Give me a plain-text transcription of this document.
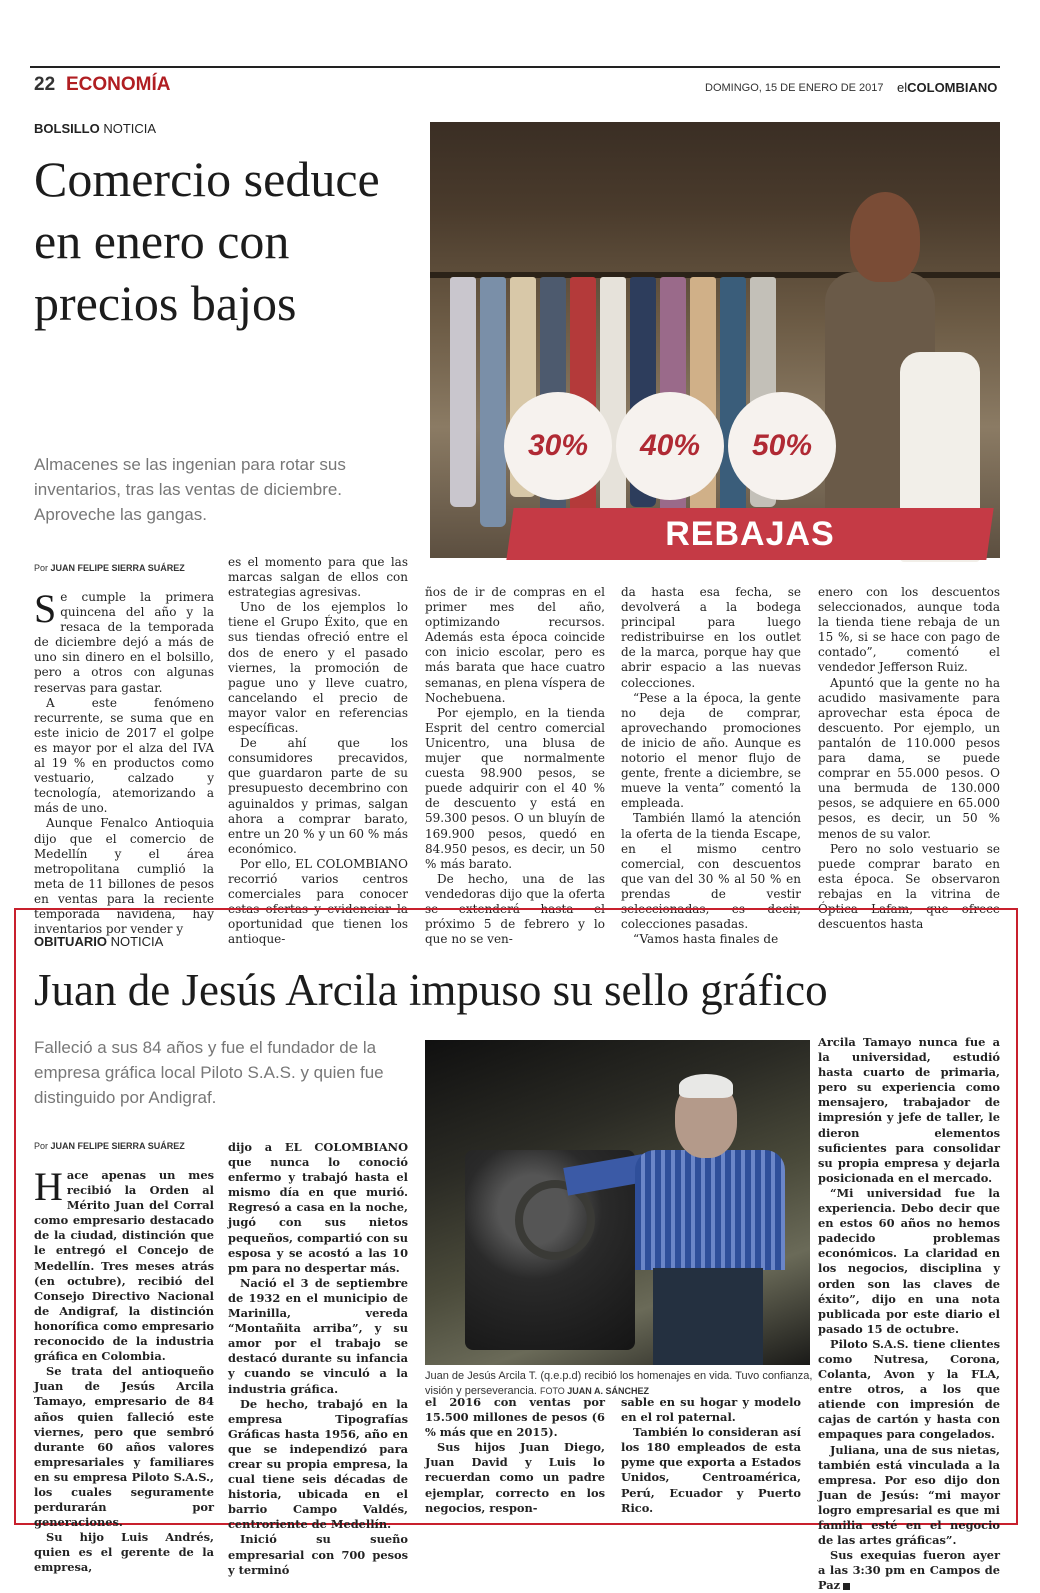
22 ECONOMÍA	DOMINGO, 15 DE ENERO DE 2017 elCOLOMBIANO
BOLSILLO NOTICIA
Comercio seduce en enero con precios bajos
Almacenes se las ingenian para rotar sus inventarios, tras las ventas de diciembre. Aproveche las gangas.
30%	40%	50%
REBAJAS
en productos seleccionados del 1 de enero al 5 de febrero de 2017
Por JUAN FELIPE SIERRA SUÁREZ

Se cumple la primera quincena del año y la resaca de la temporada de diciembre dejó a más de uno sin dinero en el bolsillo, pero a otros con algunas reservas para gastar.

A este fenómeno recurrente, se suma que en este inicio de 2017 el golpe es mayor por el alza del IVA al 19 % en productos como vestuario, calzado y tecnología, atemorizando a más de uno.

Aunque Fenalco Antioquia dijo que el comercio de Medellín y el área metropolitana cumplió la meta de 11 billones de pesos en ventas para la reciente temporada navideña, hay inventarios por vender y

es el momento para que las marcas salgan de ellos con estrategias agresivas.

Uno de los ejemplos lo tiene el Grupo Éxito, que en sus tiendas ofreció entre el dos de enero y el pasado viernes, la promoción de pague uno y lleve cuatro, cancelando el precio de mayor valor en referencias específicas.

De ahí que los consumidores precavidos, que guardaron parte de su presupuesto decembrino con aguinaldos y primas, salgan ahora a comprar barato, entre un 20 % y un 60 % más económico.

Por ello, EL COLOMBIANO recorrió varios centros comerciales para conocer estas ofertas y evidenciar la oportunidad que tienen los antioque-

ños de ir de compras en el primer mes del año, optimizando recursos. Además esta época coincide con inicio escolar, pero es más barata que hace cuatro semanas, en plena víspera de Nochebuena.

Por ejemplo, en la tienda Esprit del centro comercial Unicentro, una blusa de mujer que normalmente cuesta 98.900 pesos, se puede adquirir con el 40 % de descuento y está en 59.300 pesos. O un bluyín de 169.900 pesos, quedó en 84.950 pesos, es decir, un 50 % más barato.

De hecho, una de las vendedoras dijo que la oferta se extenderá hasta el próximo 5 de febrero y lo que no se ven-

da hasta esa fecha, se devolverá a la bodega principal para luego redistribuirse en los outlet de la marca, porque hay que abrir espacio a las nuevas colecciones.

“Pese a la época, la gente no deja de comprar, aprovechando promociones de inicio de año. Aunque es notorio el menor flujo de gente, frente a diciembre, se mueve la venta” comentó la empleada.

También llamó la atención la oferta de la tienda Escape, en el mismo centro comercial, con descuentos que van del 30 % al 50 % en prendas de vestir seleccionadas, es decir, colecciones pasadas.

“Vamos hasta finales de

enero con los descuentos seleccionados, aunque toda la tienda tiene rebaja de un 15 %, si se hace con pago de contado”, comentó el vendedor Jefferson Ruiz.

Apuntó que la gente no ha acudido masivamente para aprovechar esta época de descuento. Por ejemplo, un pantalón de 110.000 pesos para dama, se puede comprar en 55.000 pesos. O una bermuda de 130.000 pesos, se adquiere en 65.000 pesos, es decir, un 50 % menos de su valor.

Pero no solo vestuario se puede comprar barato en esta época. Se observaron rebajas en la vitrina de Óptica Lafam, que ofrece descuentos hasta

OBITUARIO NOTICIA
Juan de Jesús Arcila impuso su sello gráfico
Falleció a sus 84 años y fue el fundador de la empresa gráfica local Piloto S.A.S. y quien fue distinguido por Andigraf.
Por JUAN FELIPE SIERRA SUÁREZ
Juan de Jesús Arcila T. (q.e.p.d) recibió los homenajes en vida. Tuvo confianza, visión y perseverancia. FOTO JUAN A. SÁNCHEZ

Hace apenas un mes recibió la Orden al Mérito Juan del Corral como empresario destacado de la ciudad, distinción que le entregó el Concejo de Medellín. Tres meses atrás (en octubre), recibió del Consejo Directivo Nacional de Andigraf, la distinción honorífica como empresario reconocido de la industria gráfica en Colombia.

Se trata del antioqueño Juan de Jesús Arcila Tamayo, empresario de 84 años quien falleció este viernes, pero que sembró durante 60 años valores empresariales y familiares en su empresa Piloto S.A.S., los cuales seguramente perdurarán por generaciones.

Su hijo Luis Andrés, quien es el gerente de la empresa,

dijo a EL COLOMBIANO que nunca lo conoció enfermo y trabajó hasta el mismo día en que murió. Regresó a casa en la noche, jugó con sus nietos pequeños, compartió con su esposa y se acostó a las 10 pm para no despertar más.

Nació el 3 de septiembre de 1932 en el municipio de Marinilla, vereda “Montañita arriba”, y su amor por el trabajo se destacó durante su infancia y cuando se vinculó a la industria gráfica.

De hecho, trabajó en la empresa Tipografías Gráficas hasta 1956, año en que se independizó para crear su propia empresa, la cual tiene seis décadas de historia, ubicada en el barrio Campo Valdés, centroriente de Medellín.

Inició su sueño empresarial con 700 pesos y terminó

el 2016 con ventas por 15.500 millones de pesos (6 % más que en 2015).

Sus hijos Juan Diego, Juan David y Luis lo recuerdan como un padre ejemplar, correcto en los negocios, respon-

sable en su hogar y modelo en el rol paternal.

También lo consideran así los 180 empleados de esta pyme que exporta a Estados Unidos, Centroamérica, Perú, Ecuador y Puerto Rico.

Arcila Tamayo nunca fue a la universidad, estudió hasta cuarto de primaria, pero su experiencia como mensajero, trabajador de impresión y jefe de taller, le dieron elementos suficientes para consolidar su propia empresa y dejarla posicionada en el mercado.

“Mi universidad fue la experiencia. Debo decir que en estos 60 años no hemos padecido problemas económicos. La claridad en los negocios, disciplina y orden son las claves de éxito”, dijo en una nota publicada por este diario el pasado 15 de octubre.

Piloto S.A.S. tiene clientes como Nutresa, Corona, Colanta, Avon y la FLA, entre otros, a los que atiende con impresión de cajas de cartón y hasta con empaques para congelados.

Juliana, una de sus nietas, también está vinculada a la empresa. Por eso dijo don Juan de Jesús: “mi mayor logro empresarial es que mi familia esté en el negocio de las artes gráficas”.

Sus exequias fueron ayer a las 3:30 pm en Campos de Paz
